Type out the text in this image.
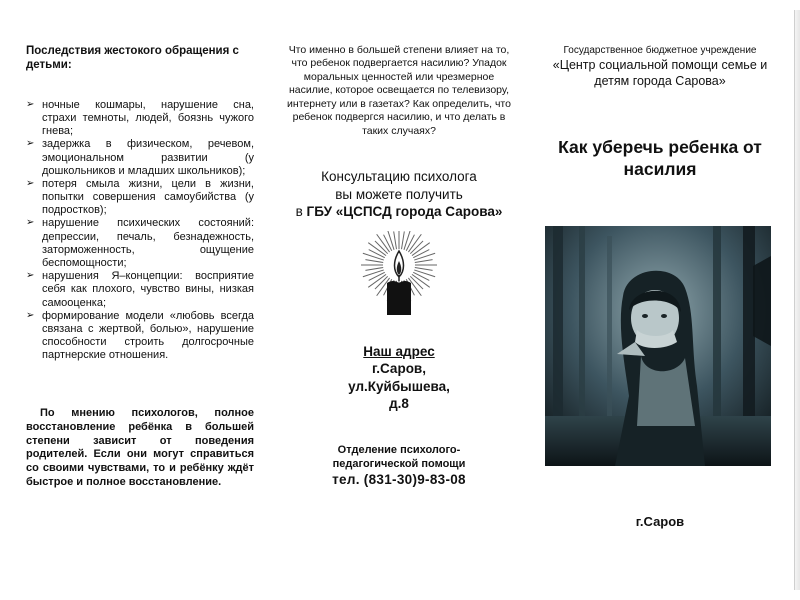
Последствия жестокого обращения с детьми:
➢ ночные кошмары, нарушение сна, страхи темноты, людей, боязнь чужого гнева;
➢ задержка в физическом, речевом, эмоциональном развитии (у дошкольников и младших школьников);
➢ потеря смыла жизни, цели в жизни, попытки совершения самоубийства (у подростков);
➢ нарушение психических состояний: депрессии, печаль, безнадежность, заторможенность, ощущение беспомощности;
➢ нарушения Я–концепции: восприятие себя как плохого, чувство вины, низкая самооценка;
➢ формирование модели «любовь всегда связана с жертвой, болью», нарушение способности строить долгосрочные партнерские отношения.

По мнению психологов, полное восстановление ребёнка в большей степени зависит от поведения родителей. Если они могут справиться со своими чувствами, то и ребёнку ждёт быстрое и полное восстановление.

Что именно в большей степени влияет на то, что ребенок подвергается насилию? Упадок моральных ценностей или чрезмерное насилие, которое освещается по телевизору, интернету или в газетах? Как определить, что ребенок подвергся насилию, и что делать в таких случаях?

Консультацию психолога
вы можете получить
в ГБУ «ЦСПСД города Сарова»
Наш адрес
г.Саров,
ул.Куйбышева,
д.8
Отделение психолого-
педагогической помощи
тел. (831-30)9-83-08
Государственное бюджетное учреждение
«Центр социальной помощи семье и детям города Сарова»
Как уберечь ребенка от насилия
г.Саров
